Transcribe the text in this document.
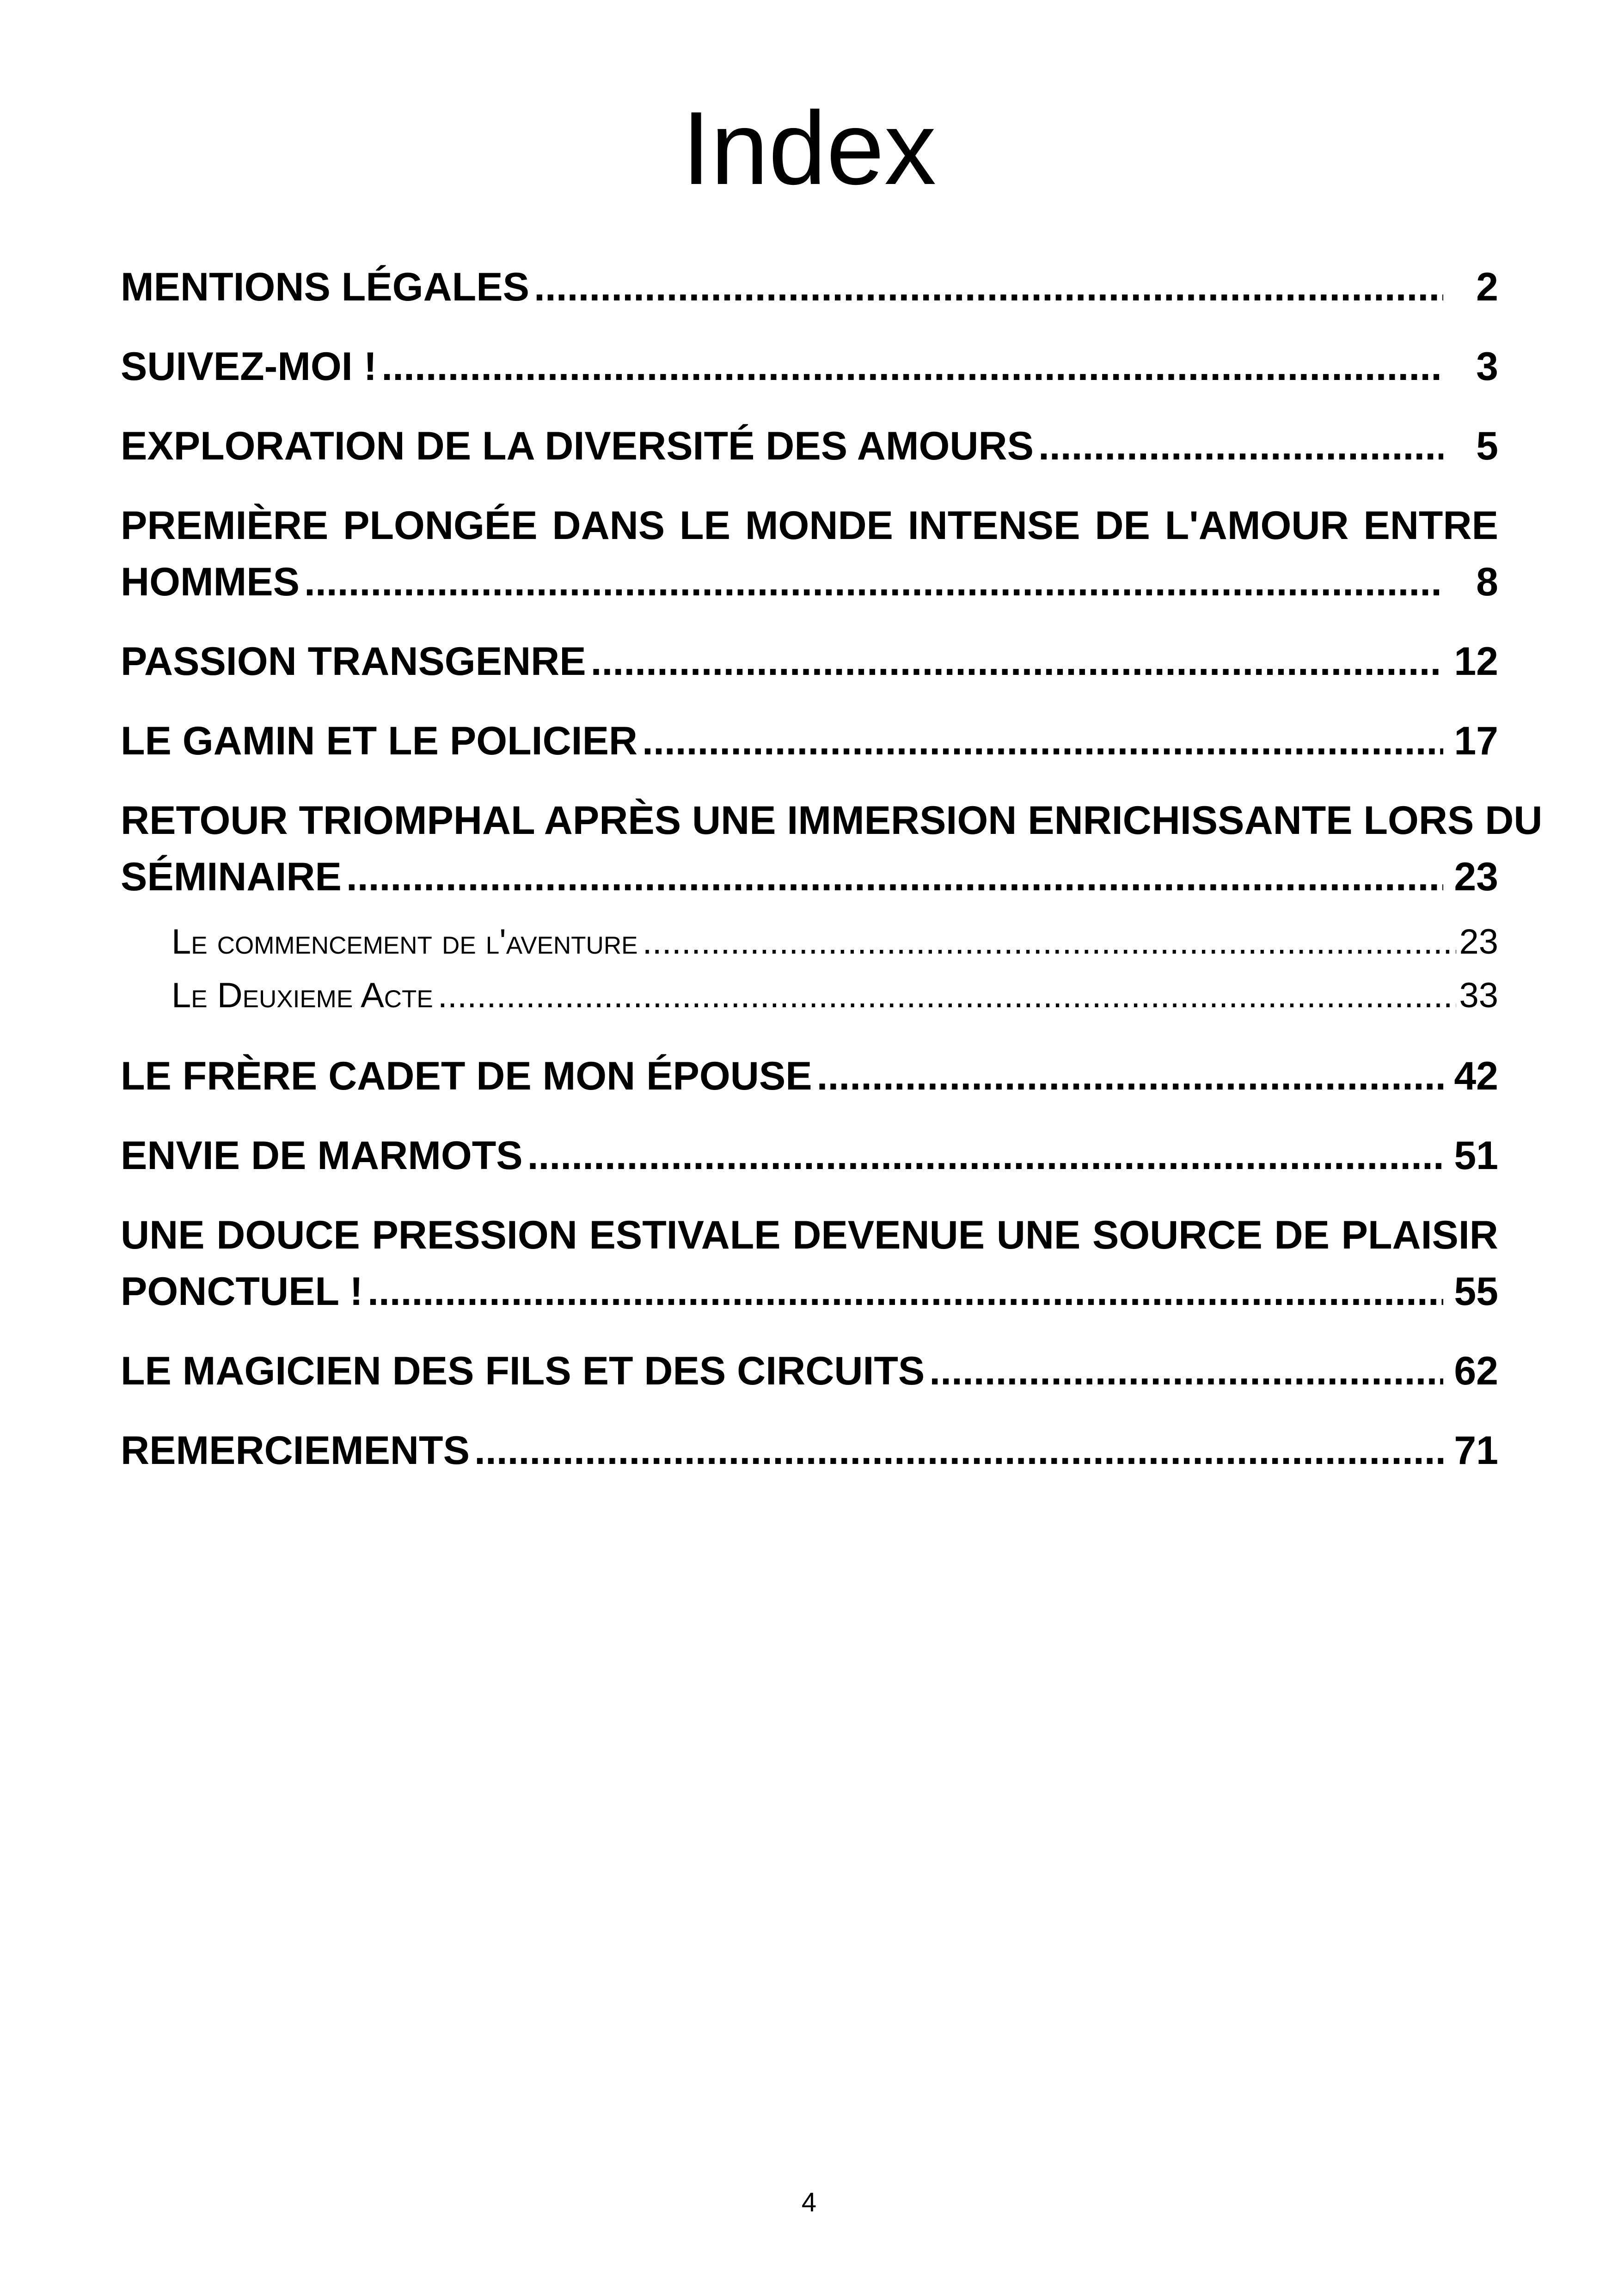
Index
MENTIONS LÉGALES .....	2
SUIVEZ-MOI ! .....	3
EXPLORATION DE LA DIVERSITÉ DES AMOURS .....	5
PREMIÈRE PLONGÉE DANS LE MONDE INTENSE DE L'AMOUR ENTRE
HOMMES .....	8
PASSION TRANSGENRE .....	12
LE GAMIN ET LE POLICIER .....	17
RETOUR TRIOMPHAL APRÈS UNE IMMERSION ENRICHISSANTE LORS DU
SÉMINAIRE .....	23
Le commencement de l'aventure .....	23
Le Deuxieme Acte .....	33
LE FRÈRE CADET DE MON ÉPOUSE .....	42
ENVIE DE MARMOTS .....	51
UNE DOUCE PRESSION ESTIVALE DEVENUE UNE SOURCE DE PLAISIR
PONCTUEL ! .....	55
LE MAGICIEN DES FILS ET DES CIRCUITS .....	62
REMERCIEMENTS .....	71
4
